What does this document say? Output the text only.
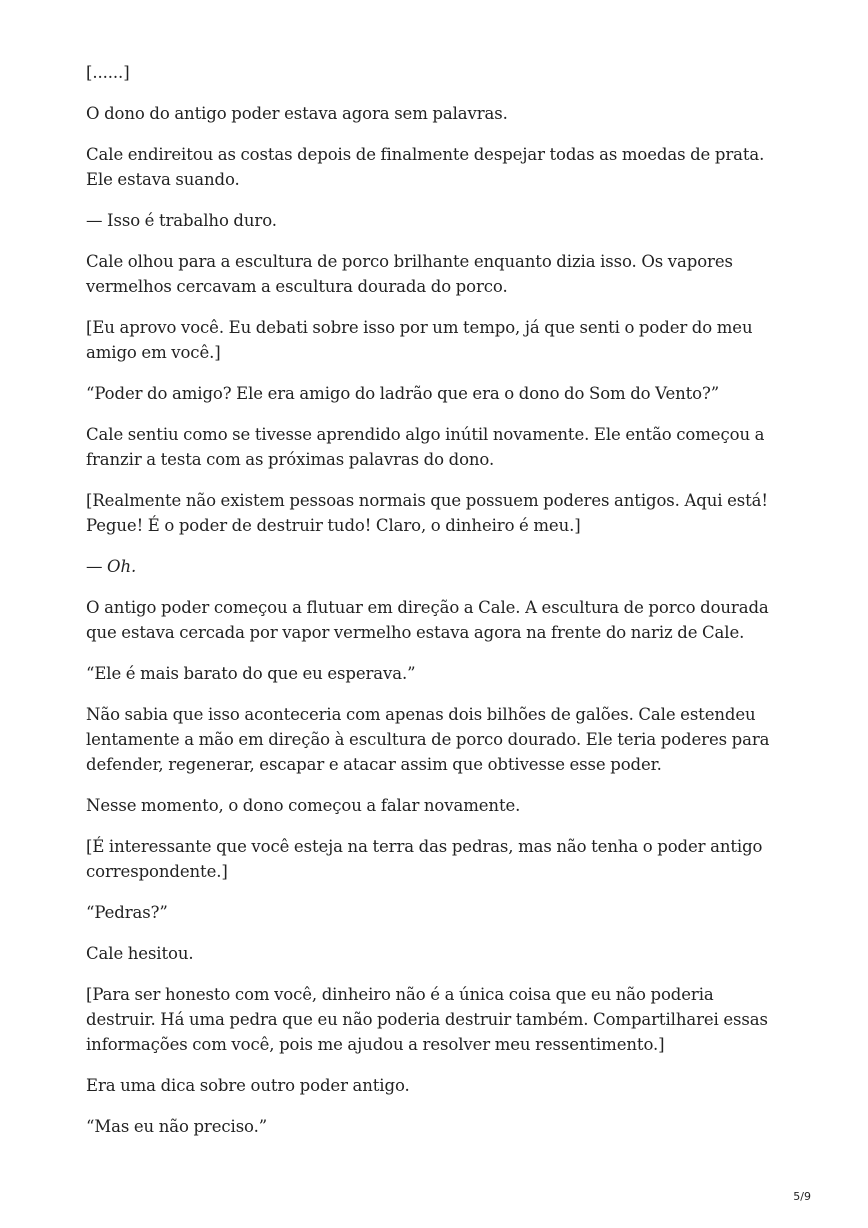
[......]

O dono do antigo poder estava agora sem palavras.

Cale endireitou as costas depois de finalmente despejar todas as moedas de prata. Ele estava suando.

— Isso é trabalho duro.

Cale olhou para a escultura de porco brilhante enquanto dizia isso. Os vapores vermelhos cercavam a escultura dourada do porco.

[Eu aprovo você. Eu debati sobre isso por um tempo, já que senti o poder do meu amigo em você.]

“Poder do amigo? Ele era amigo do ladrão que era o dono do Som do Vento?”

Cale sentiu como se tivesse aprendido algo inútil novamente. Ele então começou a franzir a testa com as próximas palavras do dono.

[Realmente não existem pessoas normais que possuem poderes antigos. Aqui está! Pegue! É o poder de destruir tudo! Claro, o dinheiro é meu.]

— Oh.

O antigo poder começou a flutuar em direção a Cale. A escultura de porco dourada que estava cercada por vapor vermelho estava agora na frente do nariz de Cale.

“Ele é mais barato do que eu esperava.”

Não sabia que isso aconteceria com apenas dois bilhões de galões. Cale estendeu lentamente a mão em direção à escultura de porco dourado. Ele teria poderes para defender, regenerar, escapar e atacar assim que obtivesse esse poder.

Nesse momento, o dono começou a falar novamente.

[É interessante que você esteja na terra das pedras, mas não tenha o poder antigo correspondente.]

“Pedras?”

Cale hesitou.

[Para ser honesto com você, dinheiro não é a única coisa que eu não poderia destruir. Há uma pedra que eu não poderia destruir também. Compartilharei essas informações com você, pois me ajudou a resolver meu ressentimento.]

Era uma dica sobre outro poder antigo.

“Mas eu não preciso.”

5/9
